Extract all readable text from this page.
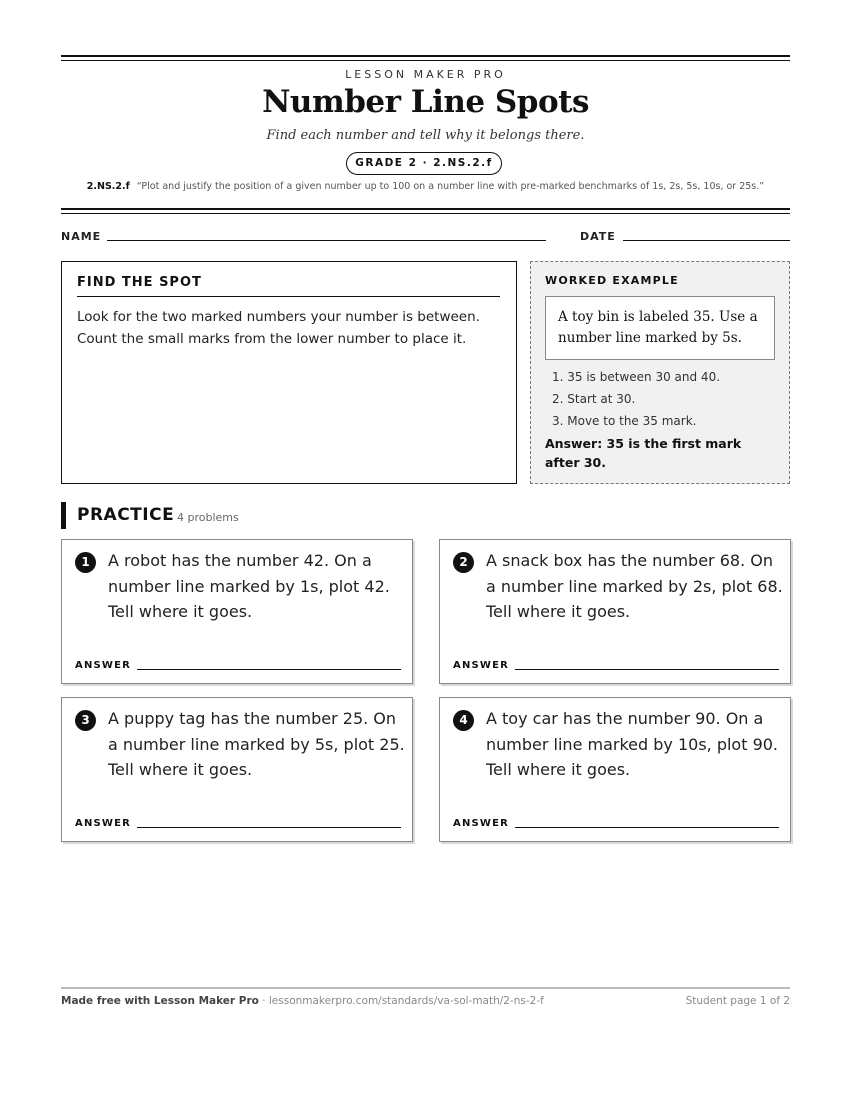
LESSON MAKER PRO
Number Line Spots
Find each number and tell why it belongs there.
GRADE 2 · 2.NS.2.f
2.NS.2.f “Plot and justify the position of a given number up to 100 on a number line with pre-marked benchmarks of 1s, 2s, 5s, 10s, or 25s.”
NAME	DATE
FIND THE SPOT
Look for the two marked numbers your number is between. Count the small marks from the lower number to place it.
WORKED EXAMPLE
A toy bin is labeled 35. Use a number line marked by 5s.
1. 35 is between 30 and 40.
2. Start at 30.
3. Move to the 35 mark.
Answer: 35 is the first mark after 30.
PRACTICE 4 problems
1	A robot has the number 42. On a number line marked by 1s, plot 42. Tell where it goes.
ANSWER
2	A snack box has the number 68. On a number line marked by 2s, plot 68. Tell where it goes.
ANSWER
3	A puppy tag has the number 25. On a number line marked by 5s, plot 25. Tell where it goes.
ANSWER
4	A toy car has the number 90. On a number line marked by 10s, plot 90. Tell where it goes.
ANSWER
Made free with Lesson Maker Pro · lessonmakerpro.com/standards/va-sol-math/2-ns-2-f	Student page 1 of 2
